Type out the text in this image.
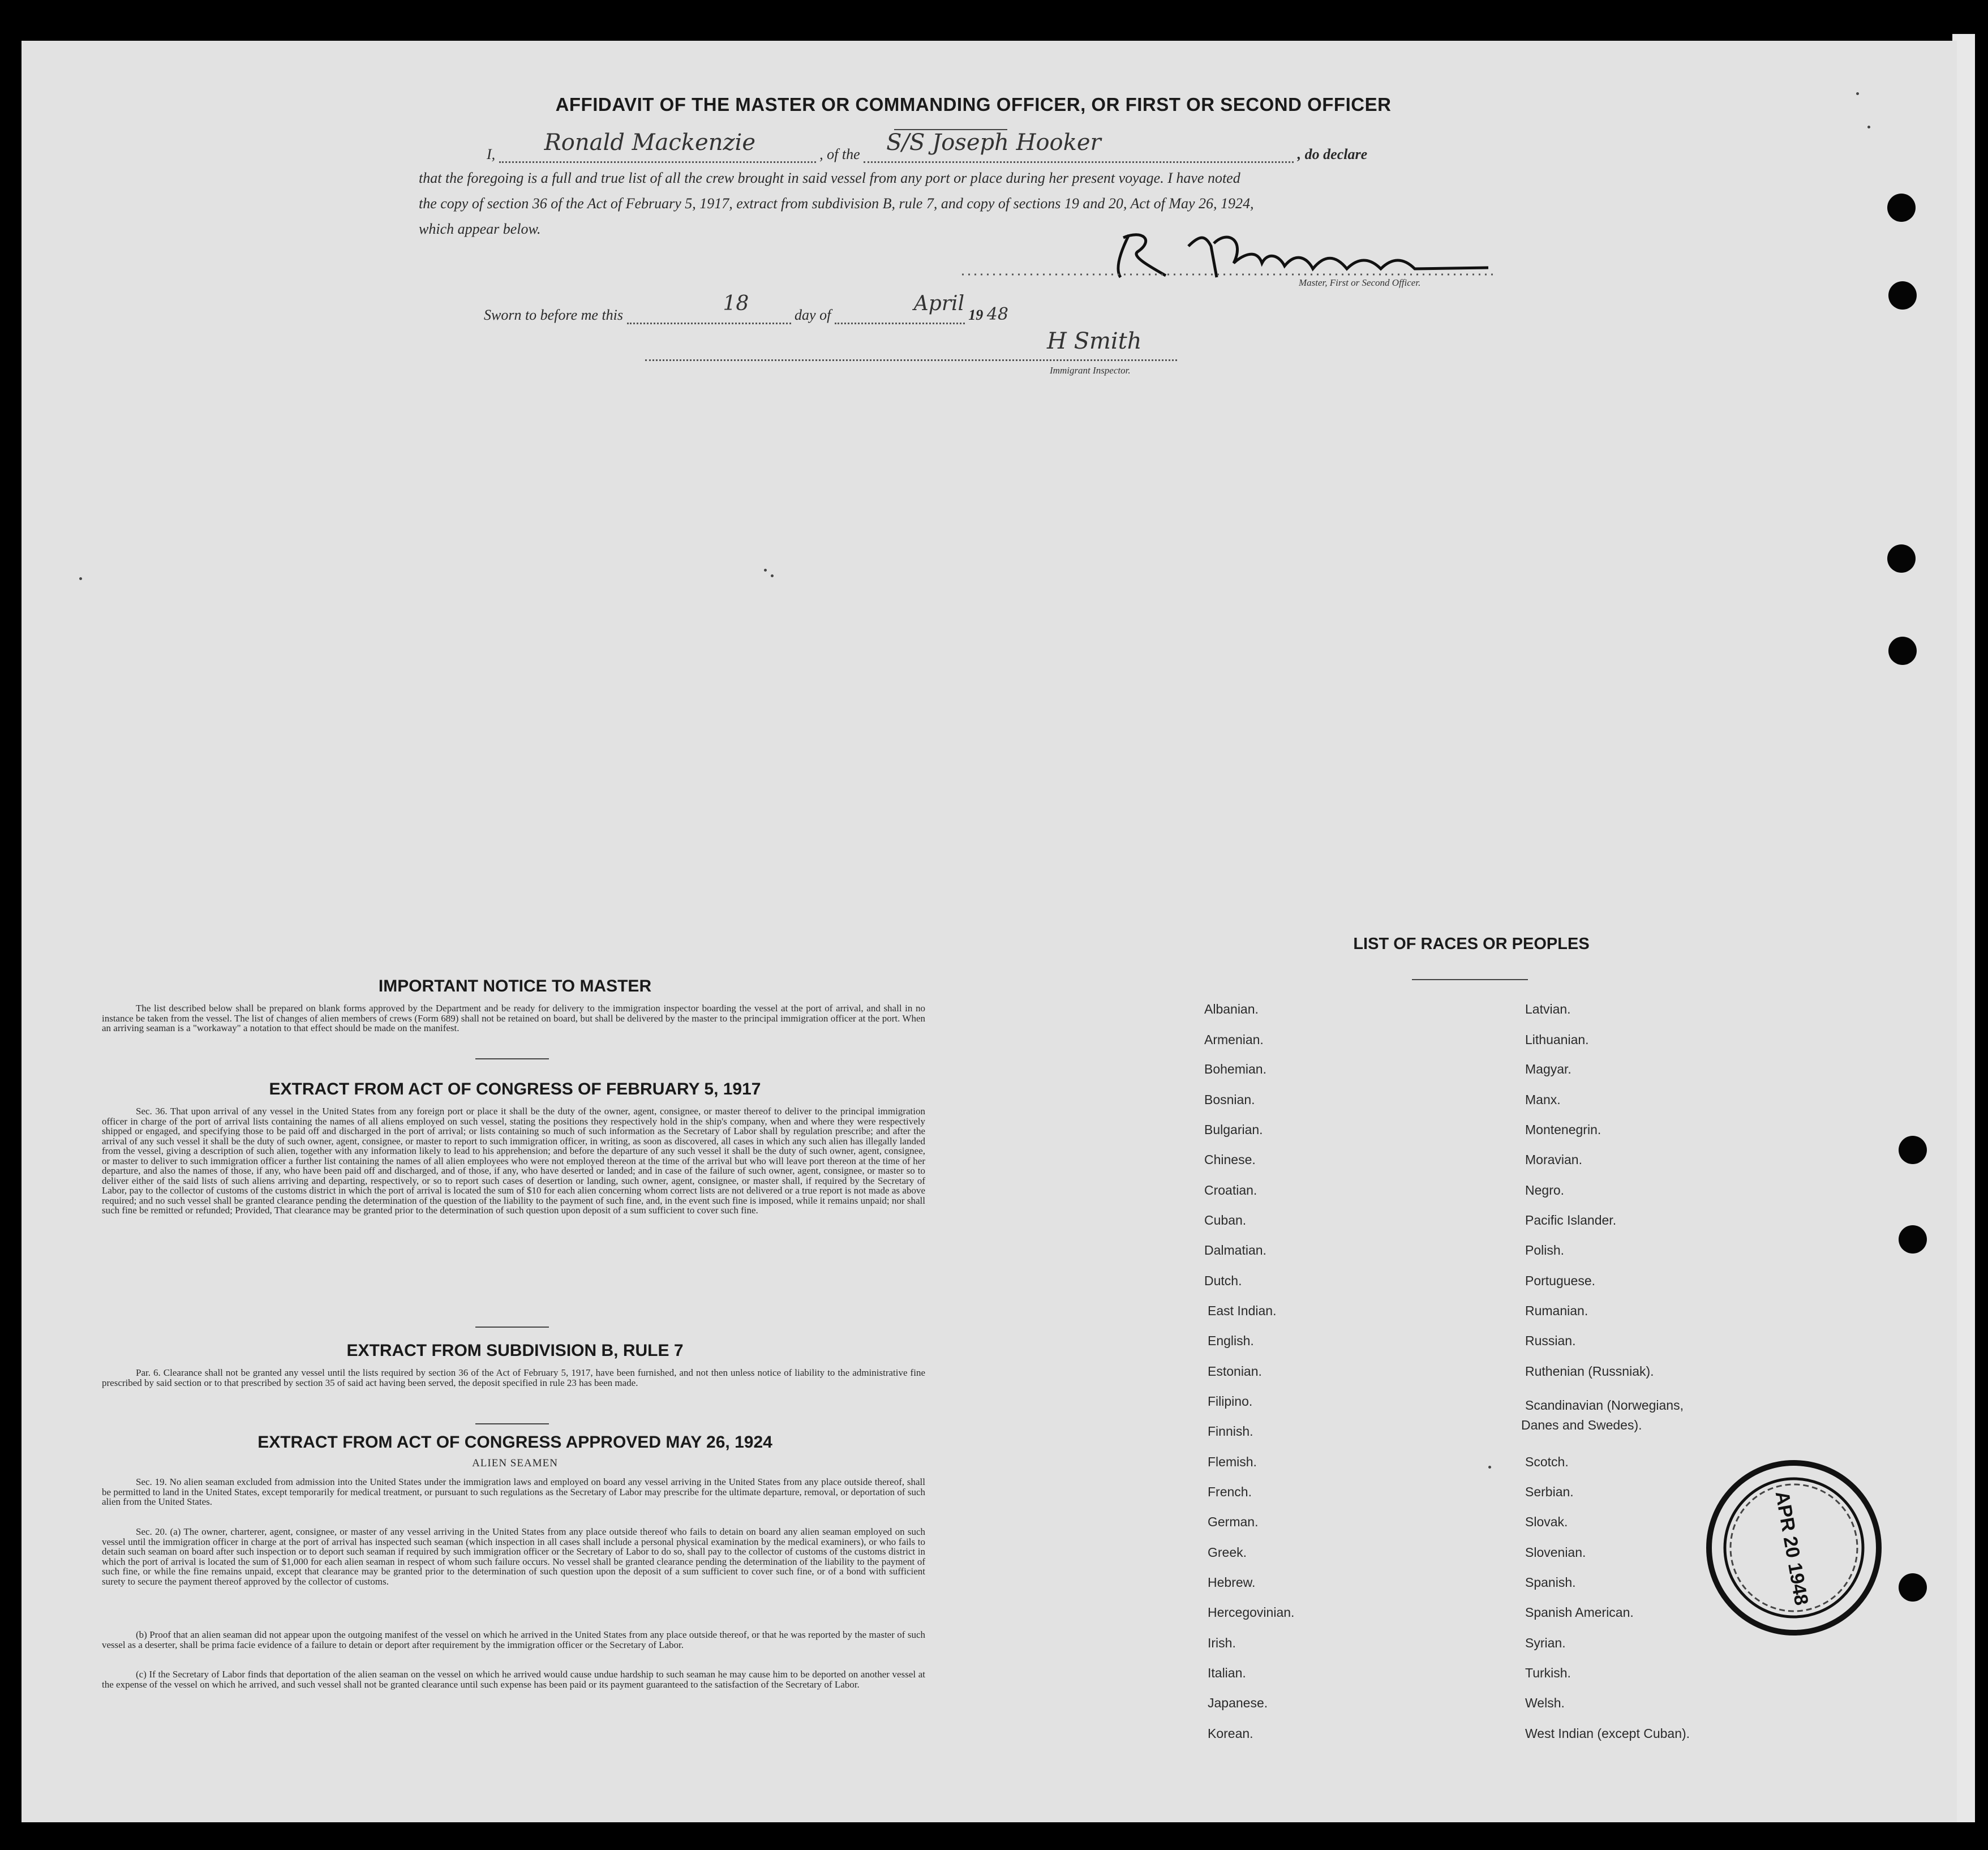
AFFIDAVIT OF THE MASTER OR COMMANDING OFFICER, OR FIRST OR SECOND OFFICER
I, Ronald Mackenzie	, of the S/S Joseph Hooker	, do declare
that the foregoing is a full and true list of all the crew brought in said vessel from any port or place during her present voyage. I have noted
the copy of section 36 of the Act of February 5, 1917, extract from subdivision B, rule 7, and copy of sections 19 and 20, Act of May 26, 1924,
which appear below.
Master, First or Second Officer.
Sworn to before me this	18	day of	April 19 48
H Smith
Immigrant Inspector.
IMPORTANT NOTICE TO MASTER
The list described below shall be prepared on blank forms approved by the Department and be ready for delivery to the immigration inspector boarding the vessel at the port of arrival, and shall in no instance be taken from the vessel. The list of changes of alien members of crews (Form 689) shall not be retained on board, but shall be delivered by the master to the principal immigration officer at the port. When an arriving seaman is a "workaway" a notation to that effect should be made on the manifest.
EXTRACT FROM ACT OF CONGRESS OF FEBRUARY 5, 1917
Sec. 36. That upon arrival of any vessel in the United States from any foreign port or place it shall be the duty of the owner, agent, consignee, or master thereof to deliver to the principal immigration officer in charge of the port of arrival lists containing the names of all aliens employed on such vessel, stating the positions they respectively hold in the ship's company, when and where they were respectively shipped or engaged, and specifying those to be paid off and discharged in the port of arrival; or lists containing so much of such information as the Secretary of Labor shall by regulation prescribe; and after the arrival of any such vessel it shall be the duty of such owner, agent, consignee, or master to report to such immigration officer, in writing, as soon as discovered, all cases in which any such alien has illegally landed from the vessel, giving a description of such alien, together with any information likely to lead to his apprehension; and before the departure of any such vessel it shall be the duty of such owner, agent, consignee, or master to deliver to such immigration officer a further list containing the names of all alien employees who were not employed thereon at the time of the arrival but who will leave port thereon at the time of her departure, and also the names of those, if any, who have been paid off and discharged, and of those, if any, who have deserted or landed; and in case of the failure of such owner, agent, consignee, or master so to deliver either of the said lists of such aliens arriving and departing, respectively, or so to report such cases of desertion or landing, such owner, agent, consignee, or master shall, if required by the Secretary of Labor, pay to the collector of customs of the customs district in which the port of arrival is located the sum of $10 for each alien concerning whom correct lists are not delivered or a true report is not made as above required; and no such vessel shall be granted clearance pending the determination of the question of the liability to the payment of such fine, and, in the event such fine is imposed, while it remains unpaid; nor shall such fine be remitted or refunded; Provided, That clearance may be granted prior to the determination of such question upon deposit of a sum sufficient to cover such fine.
EXTRACT FROM SUBDIVISION B, RULE 7
Par. 6. Clearance shall not be granted any vessel until the lists required by section 36 of the Act of February 5, 1917, have been furnished, and not then unless notice of liability to the administrative fine prescribed by said section or to that prescribed by section 35 of said act having been served, the deposit specified in rule 23 has been made.
EXTRACT FROM ACT OF CONGRESS APPROVED MAY 26, 1924
ALIEN SEAMEN
Sec. 19. No alien seaman excluded from admission into the United States under the immigration laws and employed on board any vessel arriving in the United States from any place outside thereof, shall be permitted to land in the United States, except temporarily for medical treatment, or pursuant to such regulations as the Secretary of Labor may prescribe for the ultimate departure, removal, or deportation of such alien from the United States.
Sec. 20. (a) The owner, charterer, agent, consignee, or master of any vessel arriving in the United States from any place outside thereof who fails to detain on board any alien seaman employed on such vessel until the immigration officer in charge at the port of arrival has inspected such seaman (which inspection in all cases shall include a personal physical examination by the medical examiners), or who fails to detain such seaman on board after such inspection or to deport such seaman if required by such immigration officer or the Secretary of Labor to do so, shall pay to the collector of customs of the customs district in which the port of arrival is located the sum of $1,000 for each alien seaman in respect of whom such failure occurs. No vessel shall be granted clearance pending the determination of the liability to the payment of such fine, or while the fine remains unpaid, except that clearance may be granted prior to the determination of such question upon the deposit of a sum sufficient to cover such fine, or of a bond with sufficient surety to secure the payment thereof approved by the collector of customs.
(b) Proof that an alien seaman did not appear upon the outgoing manifest of the vessel on which he arrived in the United States from any place outside thereof, or that he was reported by the master of such vessel as a deserter, shall be prima facie evidence of a failure to detain or deport after requirement by the immigration officer or the Secretary of Labor.
(c) If the Secretary of Labor finds that deportation of the alien seaman on the vessel on which he arrived would cause undue hardship to such seaman he may cause him to be deported on another vessel at the expense of the vessel on which he arrived, and such vessel shall not be granted clearance until such expense has been paid or its payment guaranteed to the satisfaction of the Secretary of Labor.
LIST OF RACES OR PEOPLES
Albanian.
Armenian.
Bohemian.
Bosnian.
Bulgarian.
Chinese.
Croatian.
Cuban.
Dalmatian.
Dutch.
East Indian.
English.
Estonian.
Filipino.
Finnish.
Flemish.
French.
German.
Greek.
Hebrew.
Hercegovinian.
Irish.
Italian.
Japanese.
Korean.
Latvian.
Lithuanian.
Magyar.
Manx.
Montenegrin.
Moravian.
Negro.
Pacific Islander.
Polish.
Portuguese.
Rumanian.
Russian.
Ruthenian (Russniak).
Scandinavian (Norwegians,
Danes and Swedes).
Scotch.
Serbian.
Slovak.
Slovenian.
Spanish.
Spanish American.
Syrian.
Turkish.
Welsh.
West Indian (except Cuban).
APR 20 1948
